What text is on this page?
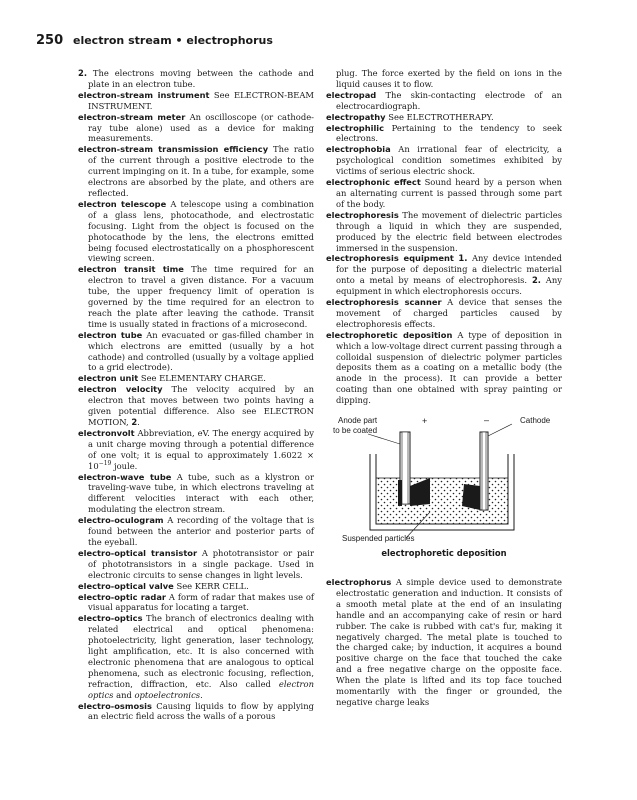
250 electron stream • electrophorus

2. The electrons moving between the cathode and plate in an electron tube.

electron-stream instrument See ELECTRON-BEAM INSTRUMENT.

electron-stream meter An oscilloscope (or cathode-ray tube alone) used as a device for making measurements.

electron-stream transmission efficiency The ratio of the current through a positive electrode to the current impinging on it. In a tube, for example, some electrons are absorbed by the plate, and others are reflected.

electron telescope A telescope using a combination of a glass lens, photocathode, and electrostatic focusing. Light from the object is focused on the photocathode by the lens, the electrons emitted being focused electrostatically on a phosphorescent viewing screen.

electron transit time The time required for an electron to travel a given distance. For a vacuum tube, the upper frequency limit of operation is governed by the time required for an electron to reach the plate after leaving the cathode. Transit time is usually stated in fractions of a microsecond.

electron tube An evacuated or gas-filled chamber in which electrons are emitted (usually by a hot cathode) and controlled (usually by a voltage applied to a grid electrode).

electron unit See ELEMENTARY CHARGE.

electron velocity The velocity acquired by an electron that moves between two points having a given potential difference. Also see ELECTRON MOTION, 2.

electronvolt Abbreviation, eV. The energy acquired by a unit charge moving through a potential difference of one volt; it is equal to approximately $1.6022 \times 10^{-19}$ joule.

electron-wave tube A tube, such as a klystron or traveling-wave tube, in which electrons traveling at different velocities interact with each other, modulating the electron stream.

electro-oculogram A recording of the voltage that is found between the anterior and posterior parts of the eyeball.

electro-optical transistor A phototransistor or pair of phototransistors in a single package. Used in electronic circuits to sense changes in light levels.

electro-optical valve See KERR CELL.

electro-optic radar A form of radar that makes use of visual apparatus for locating a target.

electro-optics The branch of electronics dealing with related electrical and optical phenomena: photoelectricity, light generation, laser technology, light amplification, etc. It is also concerned with electronic phenomena that are analogous to optical phenomena, such as electronic focusing, reflection, refraction, diffraction, etc. Also called electron optics and optoelectronics.

electro-osmosis Causing liquids to flow by applying an electric field across the walls of a porous

plug. The force exerted by the field on ions in the liquid causes it to flow.

electropad The skin-contacting electrode of an electrocardiograph.

electropathy See ELECTROTHERAPY.

electrophilic Pertaining to the tendency to seek electrons.

electrophobia An irrational fear of electricity, a psychological condition sometimes exhibited by victims of serious electric shock.

electrophonic effect Sound heard by a person when an alternating current is passed through some part of the body.

electrophoresis The movement of dielectric particles through a liquid in which they are suspended, produced by the electric field between electrodes immersed in the suspension.

electrophoresis equipment 1. Any device intended for the purpose of depositing a dielectric material onto a metal by means of electrophoresis. 2. Any equipment in which electrophoresis occurs.

electrophoresis scanner A device that senses the movement of charged particles caused by electrophoresis effects.

electrophoretic deposition A type of deposition in which a low-voltage direct current passing through a colloidal suspension of dielectric polymer particles deposits them as a coating on a metallic body (the anode in the process). It can provide a better coating than one obtained with spray painting or dipping.

Anode part
to be coated
+	–	Cathode
Suspended particles
electrophoretic deposition

electrophorus A simple device used to demonstrate electrostatic generation and induction. It consists of a smooth metal plate at the end of an insulating handle and an accompanying cake of resin or hard rubber. The cake is rubbed with cat's fur, making it negatively charged. The metal plate is touched to the charged cake; by induction, it acquires a bound positive charge on the face that touched the cake and a free negative charge on the opposite face. When the plate is lifted and its top face touched momentarily with the finger or grounded, the negative charge leaks
